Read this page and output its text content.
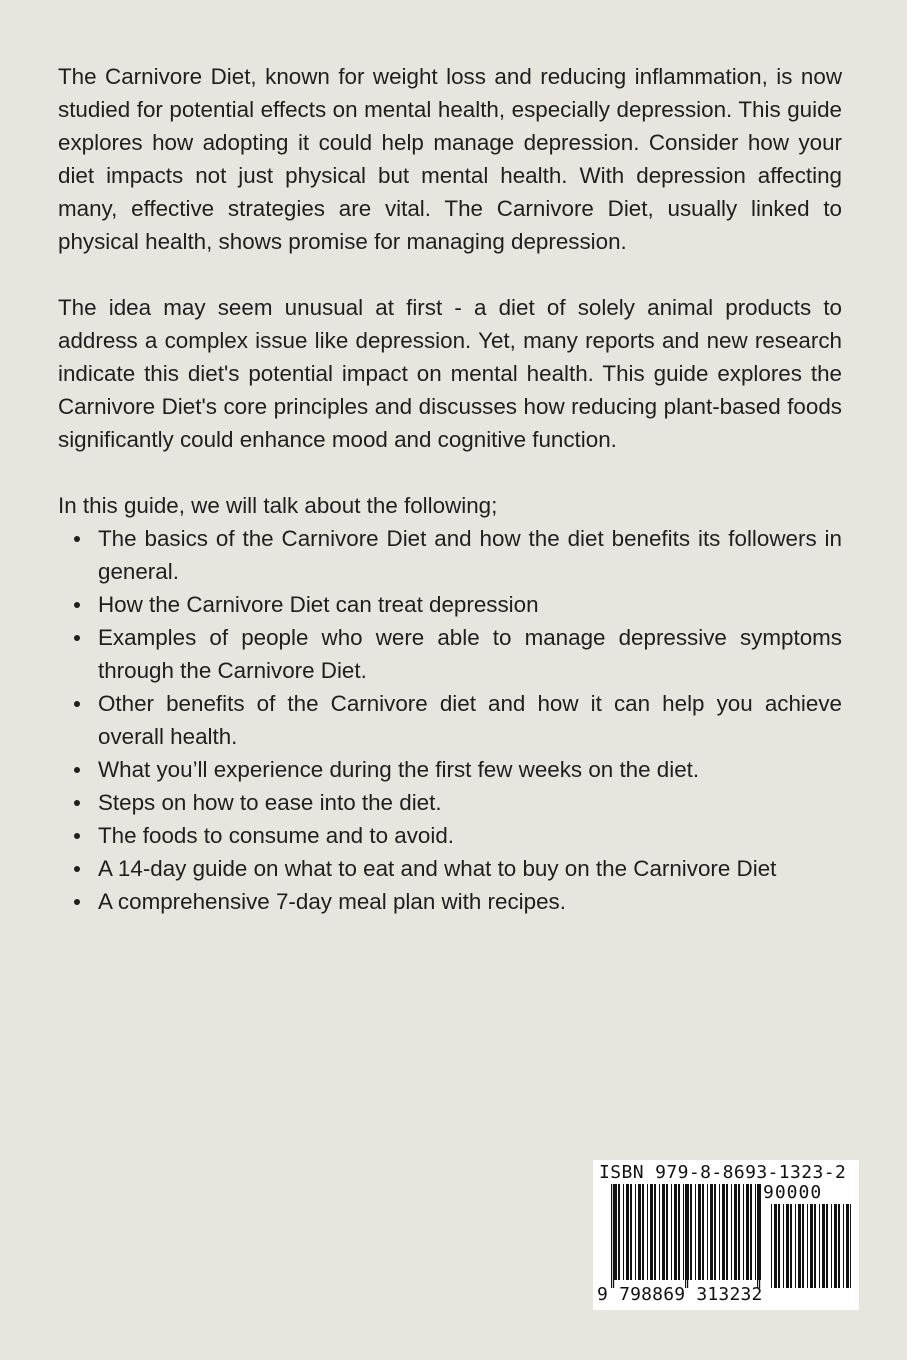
The Carnivore Diet, known for weight loss and reducing inflammation, is now studied for potential effects on mental health, especially depression. This guide explores how adopting it could help manage depression. Consider how your diet impacts not just physical but mental health. With depression affecting many, effective strategies are vital. The Carnivore Diet, usually linked to physical health, shows promise for managing depression.

The idea may seem unusual at first - a diet of solely animal products to address a complex issue like depression. Yet, many reports and new research indicate this diet's potential impact on mental health. This guide explores the Carnivore Diet's core principles and discusses how reducing plant-based foods significantly could enhance mood and cognitive function.

In this guide, we will talk about the following;

The basics of the Carnivore Diet and how the diet benefits its followers in general.
How the Carnivore Diet can treat depression
Examples of people who were able to manage depressive symptoms through the Carnivore Diet.
Other benefits of the Carnivore diet and how it can help you achieve overall health.
What you’ll experience during the first few weeks on the diet.
Steps on how to ease into the diet.
The foods to consume and to avoid.
A 14-day guide on what to eat and what to buy on the Carnivore Diet
A comprehensive 7-day meal plan with recipes.
ISBN 979-8-8693-1323-2
90000
9 798869 313232
